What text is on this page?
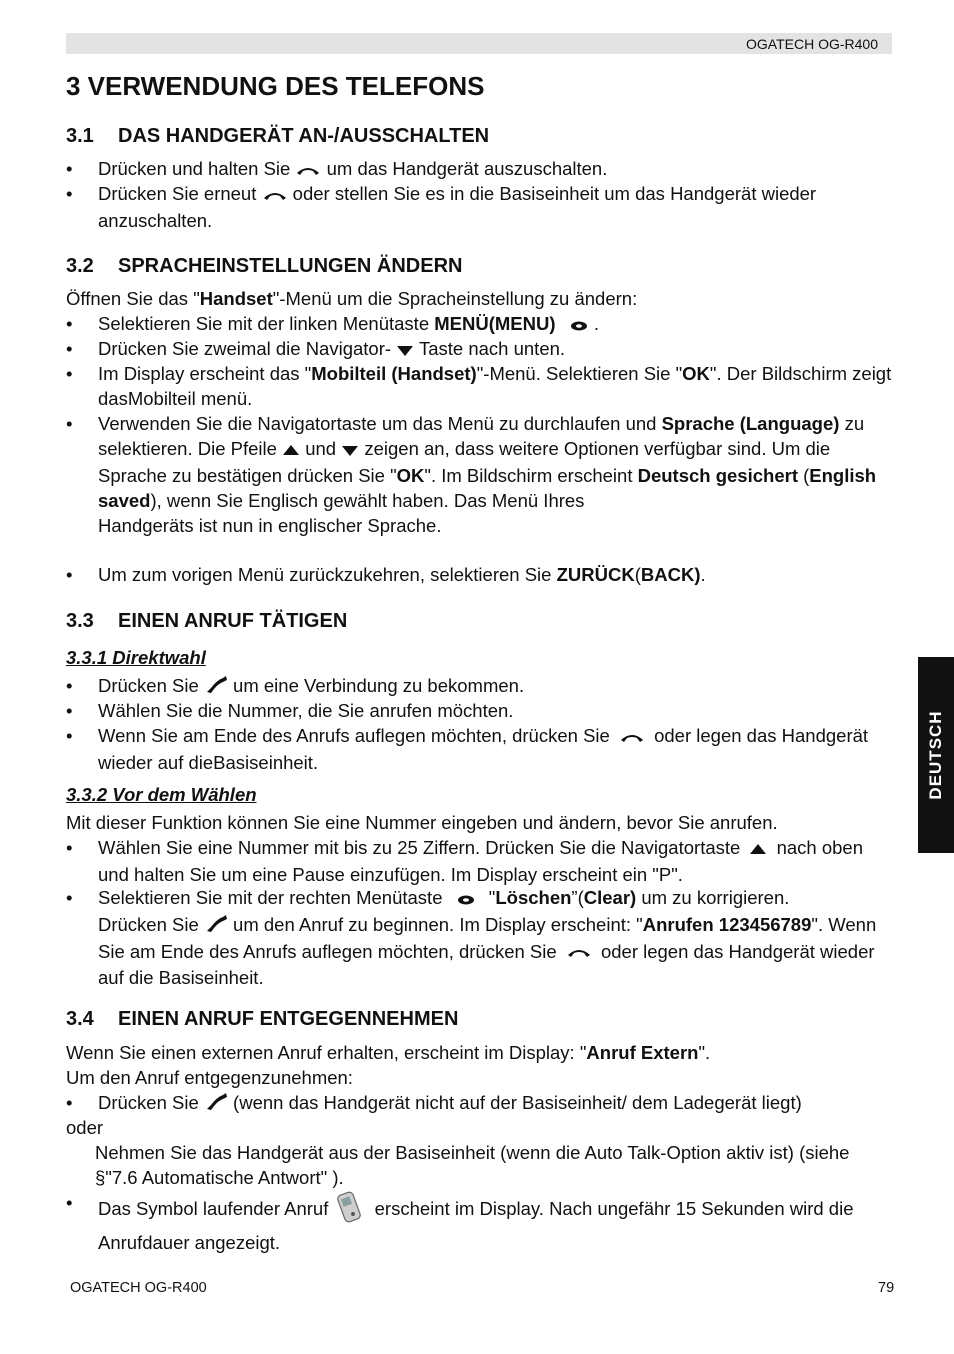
OGATECH OG-R400
3 VERWENDUNG DES TELEFONS
3.1 DAS HANDGERÄT AN-/AUSSCHALTEN
•	Drücken und halten Sie um das Handgerät auszuschalten.
•	Drücken Sie erneut oder stellen Sie es in die Basiseinheit um das Handgerät wieder anzuschalten.
3.2 SPRACHEINSTELLUNGEN ÄNDERN
Öffnen Sie das "Handset"-Menü um die Spracheinstellung zu ändern:
•	Selektieren Sie mit der linken Menütaste MENÜ(MENU) .
•	Drücken Sie zweimal die Navigator- Taste nach unten.
•	Im Display erscheint das "Mobilteil (Handset)"-Menü. Selektieren Sie "OK". Der Bildschirm zeigt dasMobilteil menü.
•	Verwenden Sie die Navigatortaste um das Menü zu durchlaufen und Sprache (Language) zu selektieren. Die Pfeile und zeigen an, dass weitere Optionen verfügbar sind. Um die Sprache zu bestätigen drücken Sie "OK". Im Bildschirm erscheint Deutsch gesichert (English saved), wenn Sie Englisch gewählt haben. Das Menü Ihres
Handgeräts ist nun in englischer Sprache.
•	Um zum vorigen Menü zurückzukehren, selektieren Sie ZURÜCK(BACK).
3.3 EINEN ANRUF TÄTIGEN
3.3.1 Direktwahl
•	Drücken Sie um eine Verbindung zu bekommen.
•	Wählen Sie die Nummer, die Sie anrufen möchten.
•	Wenn Sie am Ende des Anrufs auflegen möchten, drücken Sie oder legen das Handgerät wieder auf dieBasiseinheit.
3.3.2 Vor dem Wählen
Mit dieser Funktion können Sie eine Nummer eingeben und ändern, bevor Sie anrufen.
•	Wählen Sie eine Nummer mit bis zu 25 Ziffern. Drücken Sie die Navigatortaste nach oben und halten Sie um eine Pause einzufügen. Im Display erscheint ein "P".
•	Selektieren Sie mit der rechten Menütaste	"Löschen”(Clear) um zu korrigieren.
Drücken Sie um den Anruf zu beginnen. Im Display erscheint: "Anrufen 123456789". Wenn Sie am Ende des Anrufs auflegen möchten, drücken Sie oder legen das Handgerät wieder auf die Basiseinheit.
3.4 EINEN ANRUF ENTGEGENNEHMEN
Wenn Sie einen externen Anruf erhalten, erscheint im Display: "Anruf Extern".
Um den Anruf entgegenzunehmen:
•	Drücken Sie (wenn das Handgerät nicht auf der Basiseinheit/ dem Ladegerät liegt)
oder
Nehmen Sie das Handgerät aus der Basiseinheit (wenn die Auto Talk-Option aktiv ist) (siehe §"7.6 Automatische Antwort" ).
•	Das Symbol laufender Anruf	erscheint im Display. Nach ungefähr 15 Sekunden wird die Anrufdauer angezeigt.
DEUTSCH
OGATECH OG-R400	79
